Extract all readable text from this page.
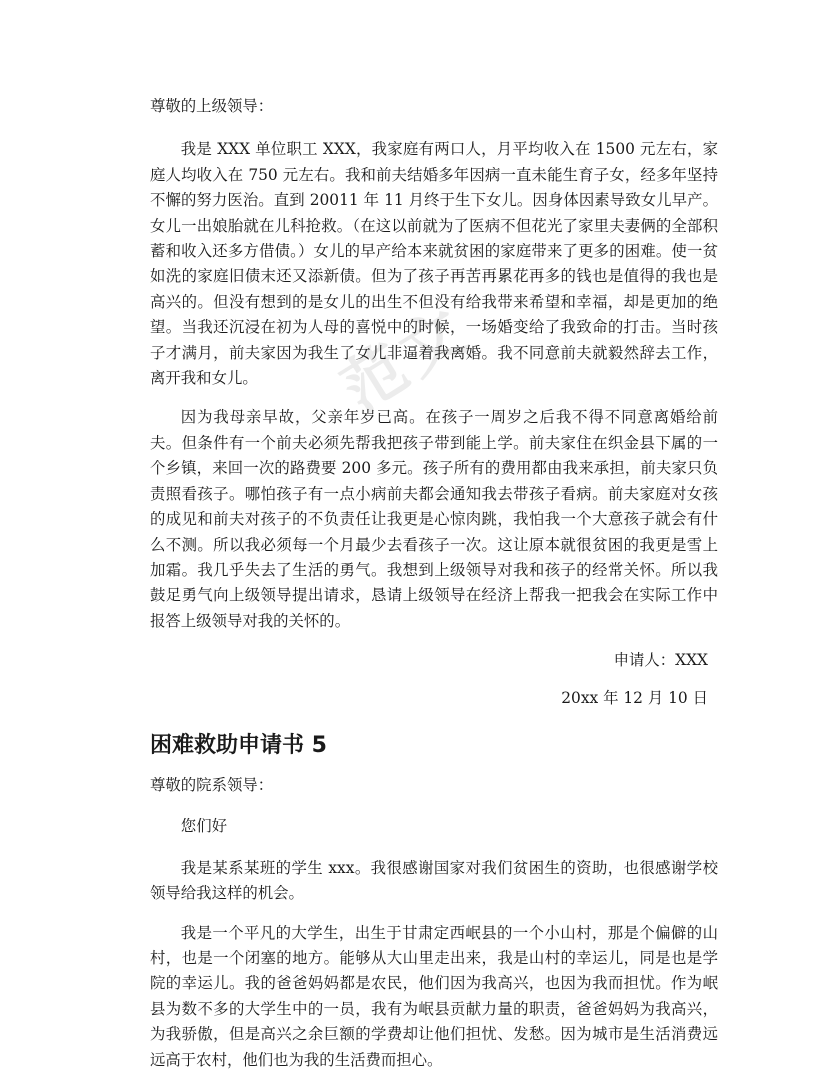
范文

尊敬的上级领导：

我是 XXX 单位职工 XXX，我家庭有两口人，月平均收入在 1500 元左右，家庭人均收入在 750 元左右。我和前夫结婚多年因病一直未能生育子女，经多年坚持不懈的努力医治。直到 20011 年 11 月终于生下女儿。因身体因素导致女儿早产。女儿一出娘胎就在儿科抢救。（在这以前就为了医病不但花光了家里夫妻俩的全部积蓄和收入还多方借债。）女儿的早产给本来就贫困的家庭带来了更多的困难。使一贫如洗的家庭旧债末还又添新债。但为了孩子再苦再累花再多的钱也是值得的我也是高兴的。但没有想到的是女儿的出生不但没有给我带来希望和幸福，却是更加的绝望。当我还沉浸在初为人母的喜悦中的时候，一场婚变给了我致命的打击。当时孩子才满月，前夫家因为我生了女儿非逼着我离婚。我不同意前夫就毅然辞去工作，离开我和女儿。

因为我母亲早故，父亲年岁已高。在孩子一周岁之后我不得不同意离婚给前夫。但条件有一个前夫必须先帮我把孩子带到能上学。前夫家住在织金县下属的一个乡镇，来回一次的路费要 200 多元。孩子所有的费用都由我来承担，前夫家只负责照看孩子。哪怕孩子有一点小病前夫都会通知我去带孩子看病。前夫家庭对女孩的成见和前夫对孩子的不负责任让我更是心惊肉跳，我怕我一个大意孩子就会有什么不测。所以我必须每一个月最少去看孩子一次。这让原本就很贫困的我更是雪上加霜。我几乎失去了生活的勇气。我想到上级领导对我和孩子的经常关怀。所以我鼓足勇气向上级领导提出请求，恳请上级领导在经济上帮我一把我会在实际工作中报答上级领导对我的关怀的。

申请人：XXX

20xx 年 12 月 10 日

困难救助申请书 5

尊敬的院系领导：

您们好

我是某系某班的学生 xxx。我很感谢国家对我们贫困生的资助，也很感谢学校领导给我这样的机会。

我是一个平凡的大学生，出生于甘肃定西岷县的一个小山村，那是个偏僻的山村，也是一个闭塞的地方。能够从大山里走出来，我是山村的幸运儿，同是也是学院的幸运儿。我的爸爸妈妈都是农民，他们因为我高兴，也因为我而担忧。作为岷县为数不多的大学生中的一员，我有为岷县贡献力量的职责，爸爸妈妈为我高兴，为我骄傲，但是高兴之余巨额的学费却让他们担忧、发愁。因为城市是生活消费远远高于农村，他们也为我的生活费而担心。
